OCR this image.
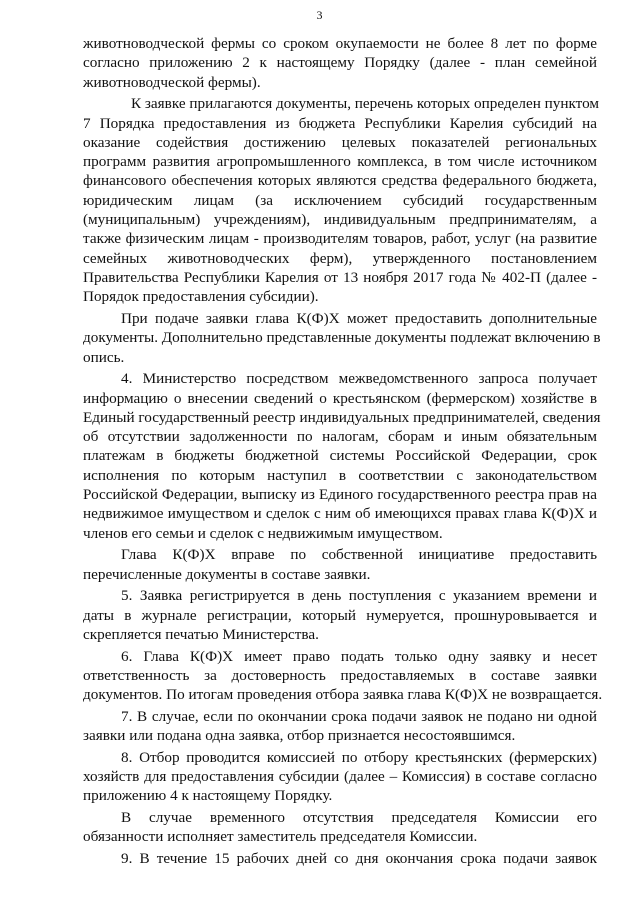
3
животноводческой фермы со сроком окупаемости не более 8 лет по форме
согласно приложению 2 к настоящему Порядку (далее - план семейной
животноводческой фермы).
К заявке прилагаются документы, перечень которых определен пунктом
7 Порядка предоставления из бюджета Республики Карелия субсидий на
оказание содействия достижению целевых показателей региональных
программ развития агропромышленного комплекса, в том числе источником
финансового обеспечения которых являются средства федерального бюджета,
юридическим лицам (за исключением субсидий государственным
(муниципальным) учреждениям), индивидуальным предпринимателям, а
также физическим лицам - производителям товаров, работ, услуг (на развитие
семейных животноводческих ферм), утвержденного постановлением
Правительства Республики Карелия от 13 ноября 2017 года № 402-П (далее -
Порядок предоставления субсидии).
При подаче заявки глава К(Ф)Х может предоставить дополнительные
документы. Дополнительно представленные документы подлежат включению в
опись.
4. Министерство посредством межведомственного запроса получает
информацию о внесении сведений о крестьянском (фермерском) хозяйстве в
Единый государственный реестр индивидуальных предпринимателей, сведения
об отсутствии задолженности по налогам, сборам и иным обязательным
платежам в бюджеты бюджетной системы Российской Федерации, срок
исполнения по которым наступил в соответствии с законодательством
Российской Федерации, выписку из Единого государственного реестра прав на
недвижимое имуществом и сделок с ним об имеющихся правах глава К(Ф)Х и
членов его семьи и сделок с недвижимым имуществом.
Глава К(Ф)Х вправе по собственной инициативе предоставить
перечисленные документы в составе заявки.
5. Заявка регистрируется в день поступления с указанием времени и
даты в журнале регистрации, который нумеруется, прошнуровывается и
скрепляется печатью Министерства.
6. Глава К(Ф)Х имеет право подать только одну заявку и несет
ответственность за достоверность предоставляемых в составе заявки
документов. По итогам проведения отбора заявка глава К(Ф)Х не возвращается.
7. В случае, если по окончании срока подачи заявок не подано ни одной
заявки или подана одна заявка, отбор признается несостоявшимся.
8. Отбор проводится комиссией по отбору крестьянских (фермерских)
хозяйств для предоставления субсидии (далее – Комиссия) в составе согласно
приложению 4 к настоящему Порядку.
В случае временного отсутствия председателя Комиссии его
обязанности исполняет заместитель председателя Комиссии.
9. В течение 15 рабочих дней со дня окончания срока подачи заявок
